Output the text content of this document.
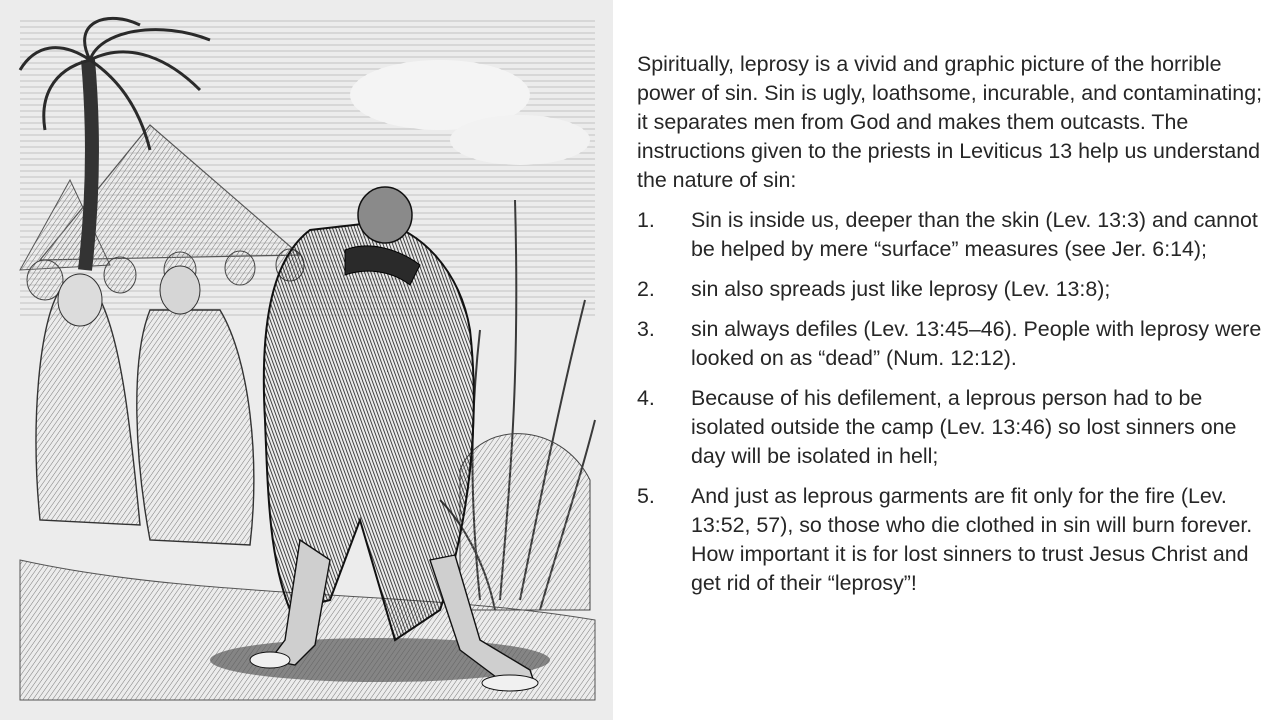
Spiritually, leprosy is a vivid and graphic picture of the horrible power of sin. Sin is ugly, loathsome, incurable, and contaminating; it separates men from God and makes them outcasts. The instructions given to the priests in Leviticus 13 help us understand the nature of sin:

1. Sin is inside us, deeper than the skin (Lev. 13:3) and cannot be helped by mere “surface” measures (see Jer. 6:14);
2. sin also spreads just like leprosy (Lev. 13:8);
3. sin always defiles (Lev. 13:45–46). People with leprosy were looked on as “dead” (Num. 12:12).
4. Because of his defilement, a leprous person had to be isolated outside the camp (Lev. 13:46) so lost sinners one day will be isolated in hell;
5. And just as leprous garments are fit only for the fire (Lev. 13:52, 57), so those who die clothed in sin will burn forever. How important it is for lost sinners to trust Jesus Christ and get rid of their “leprosy”!
